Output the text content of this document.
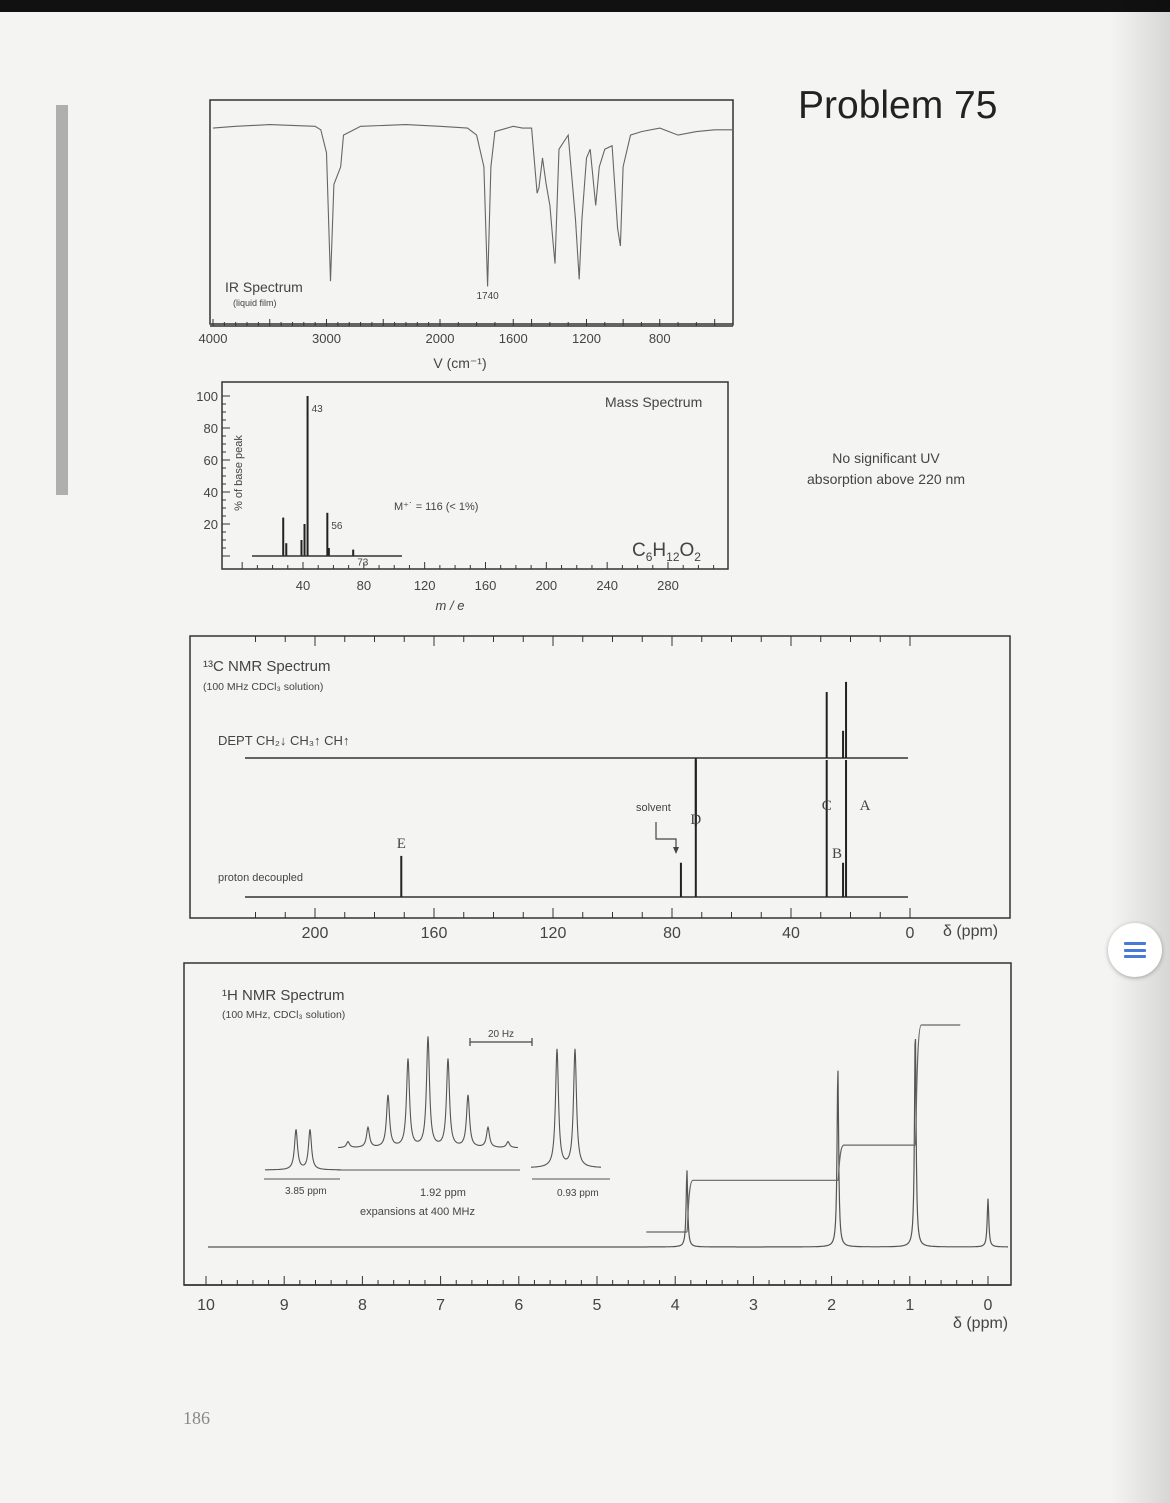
IR Spectrum
(liquid film)
1740
4000	3000	2000	1600	1200	800
V (cm⁻¹)
Mass Spectrum
43
56
73
M⁺˙ = 116 (< 1%)
$C_6H_{12}O_2$
20
40
60
80
100
% of base peak
40	80	120	160	200	240	280
m / e
¹³C NMR Spectrum
(100 MHz CDCl₃ solution)
DEPT CH₂↓ CH₃↑ CH↑
proton decoupled
E
D
C
B
A
solvent
200	160	120	80	40	0 δ (ppm)
¹H NMR Spectrum
(100 MHz, CDCl₃ solution)
3.85 ppm	1.92 ppm	0.93 ppm
expansions at 400 MHz
20 Hz
10	9	8	7	6	5	4	3	2	1	0
δ (ppm)
Problem 75
No significant UV
absorption above 220 nm
186
